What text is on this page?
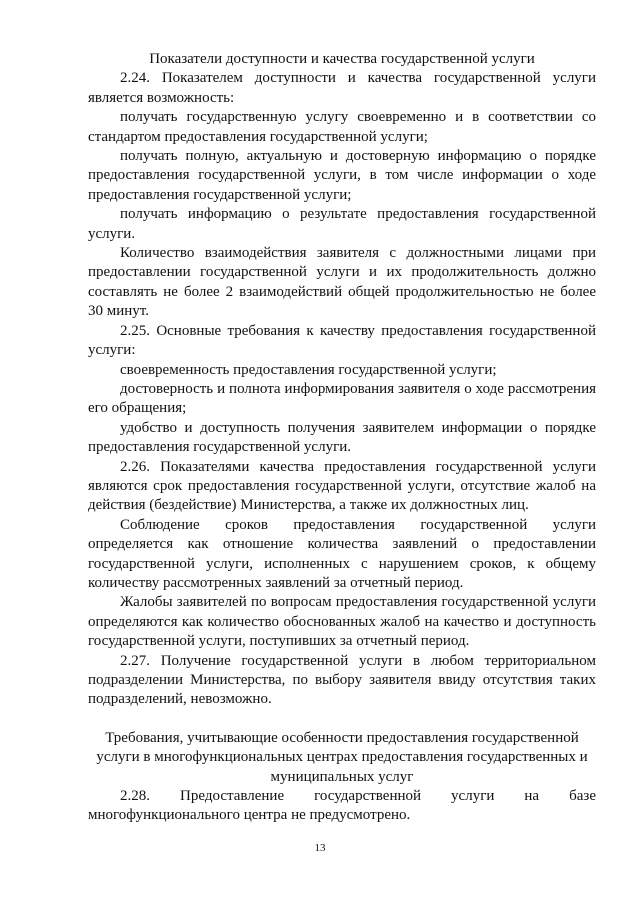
Показатели доступности и качества государственной услуги
2.24. Показателем доступности и качества государственной услуги является возможность:
получать государственную услугу своевременно и в соответствии со стандартом предоставления государственной услуги;
получать полную, актуальную и достоверную информацию о порядке предоставления государственной услуги, в том числе информации о ходе предоставления государственной услуги;
получать информацию о результате предоставления государственной услуги.
Количество взаимодействия заявителя с должностными лицами при предоставлении государственной услуги и их продолжительность должно составлять не более 2 взаимодействий общей продолжительностью не более 30 минут.
2.25. Основные требования к качеству предоставления государственной услуги:
своевременность предоставления государственной услуги;
достоверность и полнота информирования заявителя о ходе рассмотрения его обращения;
удобство и доступность получения заявителем информации о порядке предоставления государственной услуги.
2.26. Показателями качества предоставления государственной услуги являются срок предоставления государственной услуги, отсутствие жалоб на действия (бездействие) Министерства, а также их должностных лиц.
Соблюдение сроков предоставления государственной услуги определяется как отношение количества заявлений о предоставлении государственной услуги, исполненных с нарушением сроков, к общему количеству рассмотренных заявлений за отчетный период.
Жалобы заявителей по вопросам предоставления государственной услуги определяются как количество обоснованных жалоб на качество и доступность государственной услуги, поступивших за отчетный период.
2.27. Получение государственной услуги в любом территориальном подразделении Министерства, по выбору заявителя ввиду отсутствия таких подразделений, невозможно.
Требования, учитывающие особенности предоставления государственной услуги в многофункциональных центрах предоставления государственных и муниципальных услуг
2.28. Предоставление государственной услуги на базе многофункционального центра не предусмотрено.
13
